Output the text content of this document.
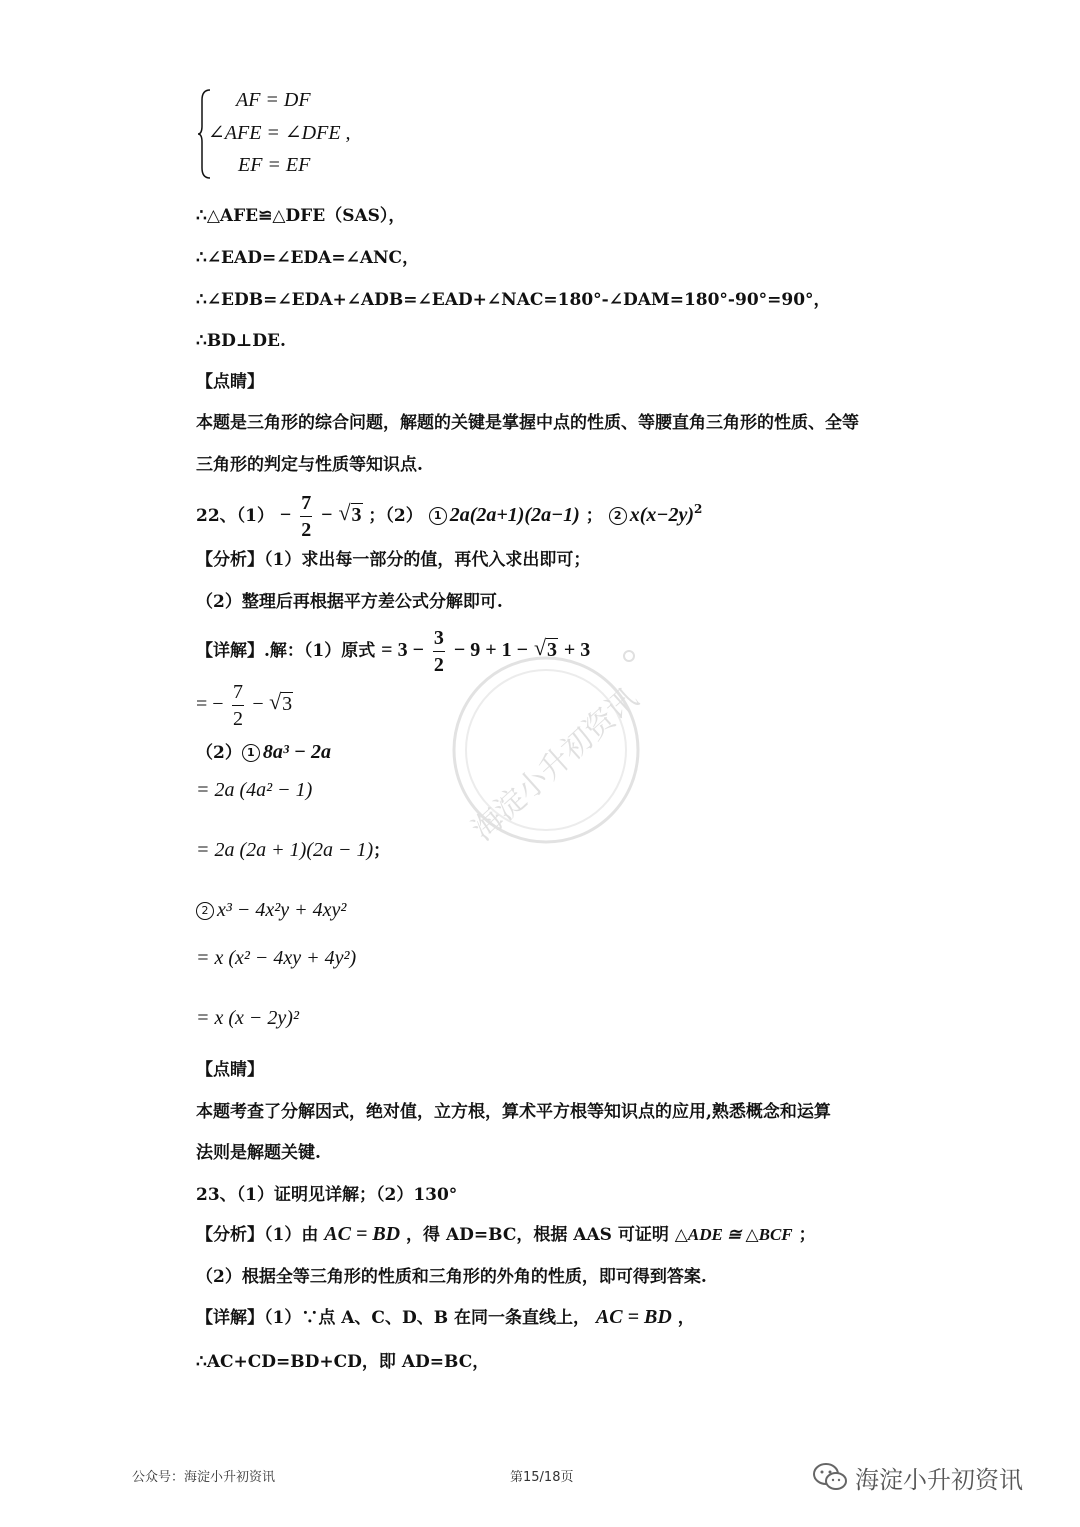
AF = DF
∠AFE = ∠DFE ,
EF = EF
∴△AFE≌△DFE（SAS），
∴∠EAD=∠EDA=∠ANC，
∴∠EDB=∠EDA+∠ADB=∠EAD+∠NAC=180°-∠DAM=180°-90°=90°，
∴BD⊥DE.
【点睛】
本题是三角形的综合问题，解题的关键是掌握中点的性质、等腰直角三角形的性质、全等
三角形的判定与性质等知识点.
22、$(1) - \frac{7}{2}$ − √ 3 ；（2） 1 2a(2a+1)(2a−1) ； 2 $x(x-2y)^2$
【分析】（1）求出每一部分的值，再代入求出即可；
（2）整理后再根据平方差公式分解即可.
【详解】.解：（1）原式 = $3 - \frac{3}{2} - 9 + 1$ − √ 3 + 3
= − $\frac{7}{2}$ − √ 3
（2） 1 8a³ − 2a
= 2a (4a² − 1)
= 2a (2a + 1)(2a − 1)；
2 x³ − 4x²y + 4xy²
= x (x² − 4xy + 4y²)
= x (x − 2y)²
【点睛】
本题考查了分解因式，绝对值，立方根，算术平方根等知识点的应用,熟悉概念和运算
法则是解题关键.
23、（1）证明见详解；（2）130°
【分析】（1）由 AC = BD ，得 AD=BC，根据 AAS 可证明 △ADE ≅ △BCF ；
（2）根据全等三角形的性质和三角形的外角的性质，即可得到答案.
【详解】（1）∵点 A、C、D、B 在同一条直线上， AC = BD ，
∴AC+CD=BD+CD，即 AD=BC，
海淀小升初资讯
公众号：海淀小升初资讯	第15/18页	海淀小升初资讯
